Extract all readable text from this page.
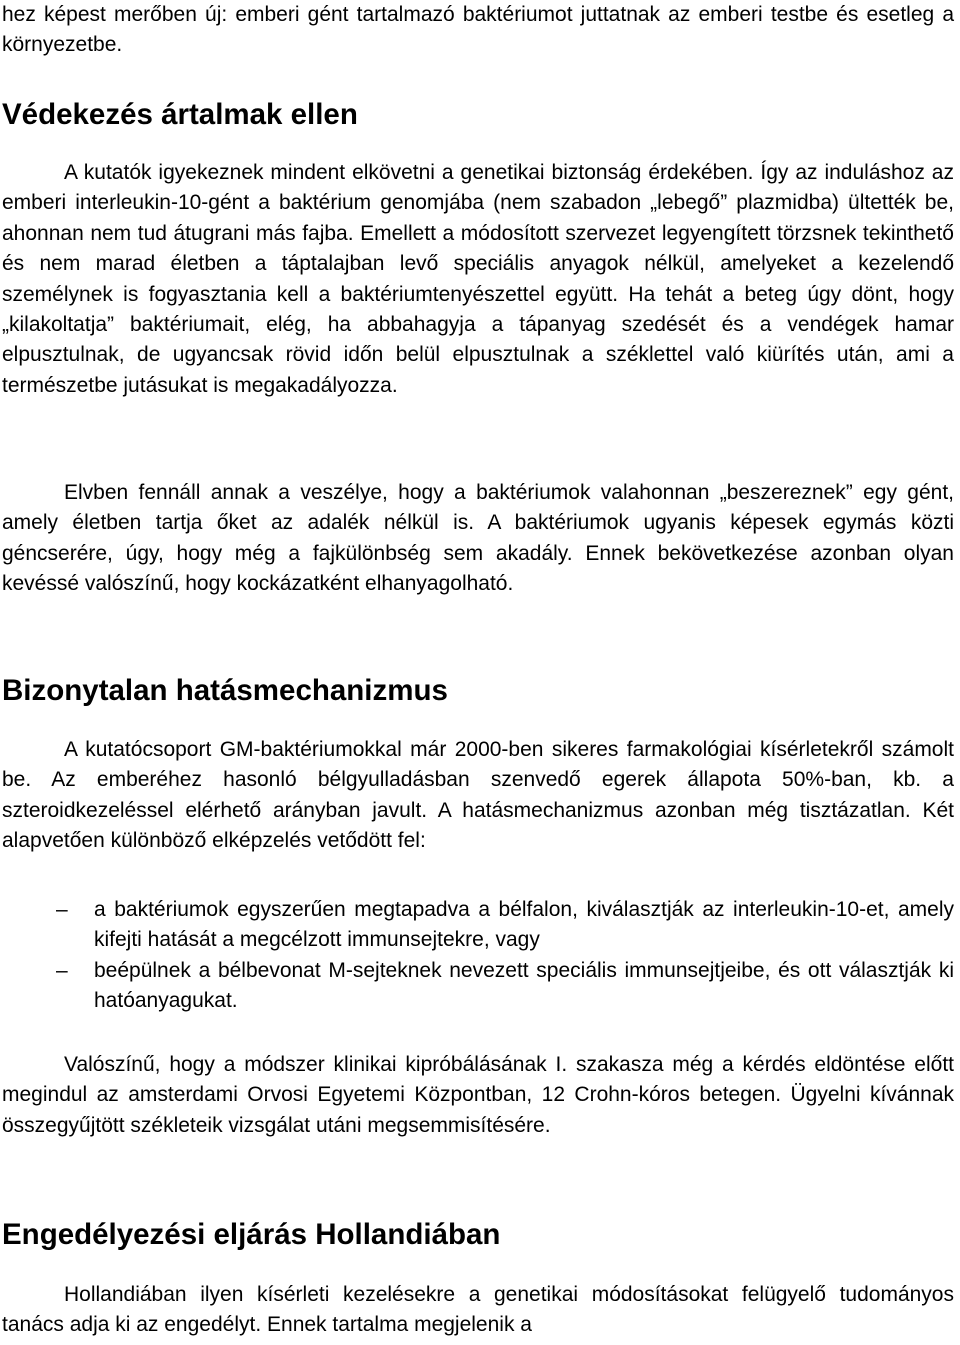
hez képest merőben új: emberi gént tartalmazó baktériumot juttatnak az emberi testbe és esetleg a környezetbe.

Védekezés ártalmak ellen

A kutatók igyekeznek mindent elkövetni a genetikai biztonság érdekében. Így az induláshoz az emberi interleukin-10-gént a baktérium genomjába (nem szabadon „lebegő” plazmidba) ültették be, ahonnan nem tud átugrani más fajba. Emellett a módosított szervezet legyengített törzsnek tekinthető és nem marad életben a táptalajban levő speciális anyagok nélkül, amelyeket a kezelendő személynek is fogyasztania kell a baktériumtenyészettel együtt. Ha tehát a beteg úgy dönt, hogy „kilakoltatja” baktériumait, elég, ha abbahagyja a tápanyag szedését és a vendégek hamar elpusztulnak, de ugyancsak rövid időn belül elpusztulnak a széklettel való kiürítés után, ami a természetbe jutásukat is megakadályozza.

Elvben fennáll annak a veszélye, hogy a baktériumok valahonnan „beszereznek” egy gént, amely életben tartja őket az adalék nélkül is. A baktériumok ugyanis képesek egymás közti géncserére, úgy, hogy még a fajkülönbség sem akadály. Ennek bekövetkezése azonban olyan kevéssé valószínű, hogy kockázatként elhanyagolható.

Bizonytalan hatásmechanizmus

A kutatócsoport GM-baktériumokkal már 2000-ben sikeres farmakológiai kísérletekről számolt be. Az emberéhez hasonló bélgyulladásban szenvedő egerek állapota 50%-ban, kb. a szteroidkezeléssel elérhető arányban javult. A hatásmechanizmus azonban még tisztázatlan. Két alapvetően különböző elképzelés vetődött fel:

– a baktériumok egyszerűen megtapadva a bélfalon, kiválasztják az interleukin-10-et, amely kifejti hatását a megcélzott immunsejtekre, vagy
– beépülnek a bélbevonat M-sejteknek nevezett speciális immunsejtjeibe, és ott választják ki hatóanyagukat.

Valószínű, hogy a módszer klinikai kipróbálásának I. szakasza még a kérdés eldöntése előtt megindul az amsterdami Orvosi Egyetemi Központban, 12 Crohn-kóros betegen. Ügyelni kívánnak összegyűjtött székleteik vizsgálat utáni megsemmisítésére.

Engedélyezési eljárás Hollandiában

Hollandiában ilyen kísérleti kezelésekre a genetikai módosításokat felügyelő tudományos tanács adja ki az engedélyt. Ennek tartalma megjelenik a
